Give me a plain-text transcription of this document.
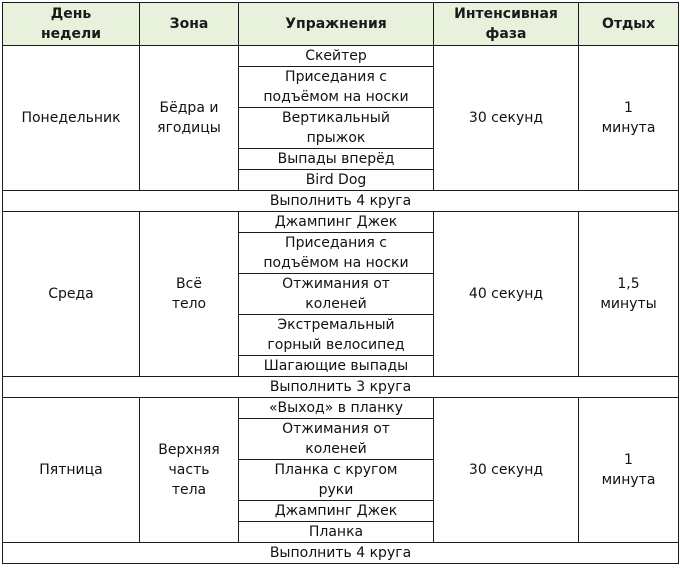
День
недели	Зона	Упражнения	Интенсивная
фаза	Отдых
Понедельник	Бёдра и
ягодицы	Скейтер	30 секунд	1
минута
		Приседания с
подъёмом на носки		

		Вертикальный
прыжок		

		Выпады вперёд		
		Bird Dog		
Выполнить 4 круга				
Среда	Всё
тело	Джампинг Джек	40 секунд	1,5
минуты
		Приседания с
подъёмом на носки		

		Отжимания от
коленей		

		Экстремальный
горный велосипед		

		Шагающие выпады		
Выполнить 3 круга				
Пятница	Верхняя
часть
тела	«Выход» в планку	30 секунд	1
минута
		Отжимания от
коленей		

		Планка с кругом
руки		

		Джампинг Джек		
		Планка		
Выполнить 4 круга				
